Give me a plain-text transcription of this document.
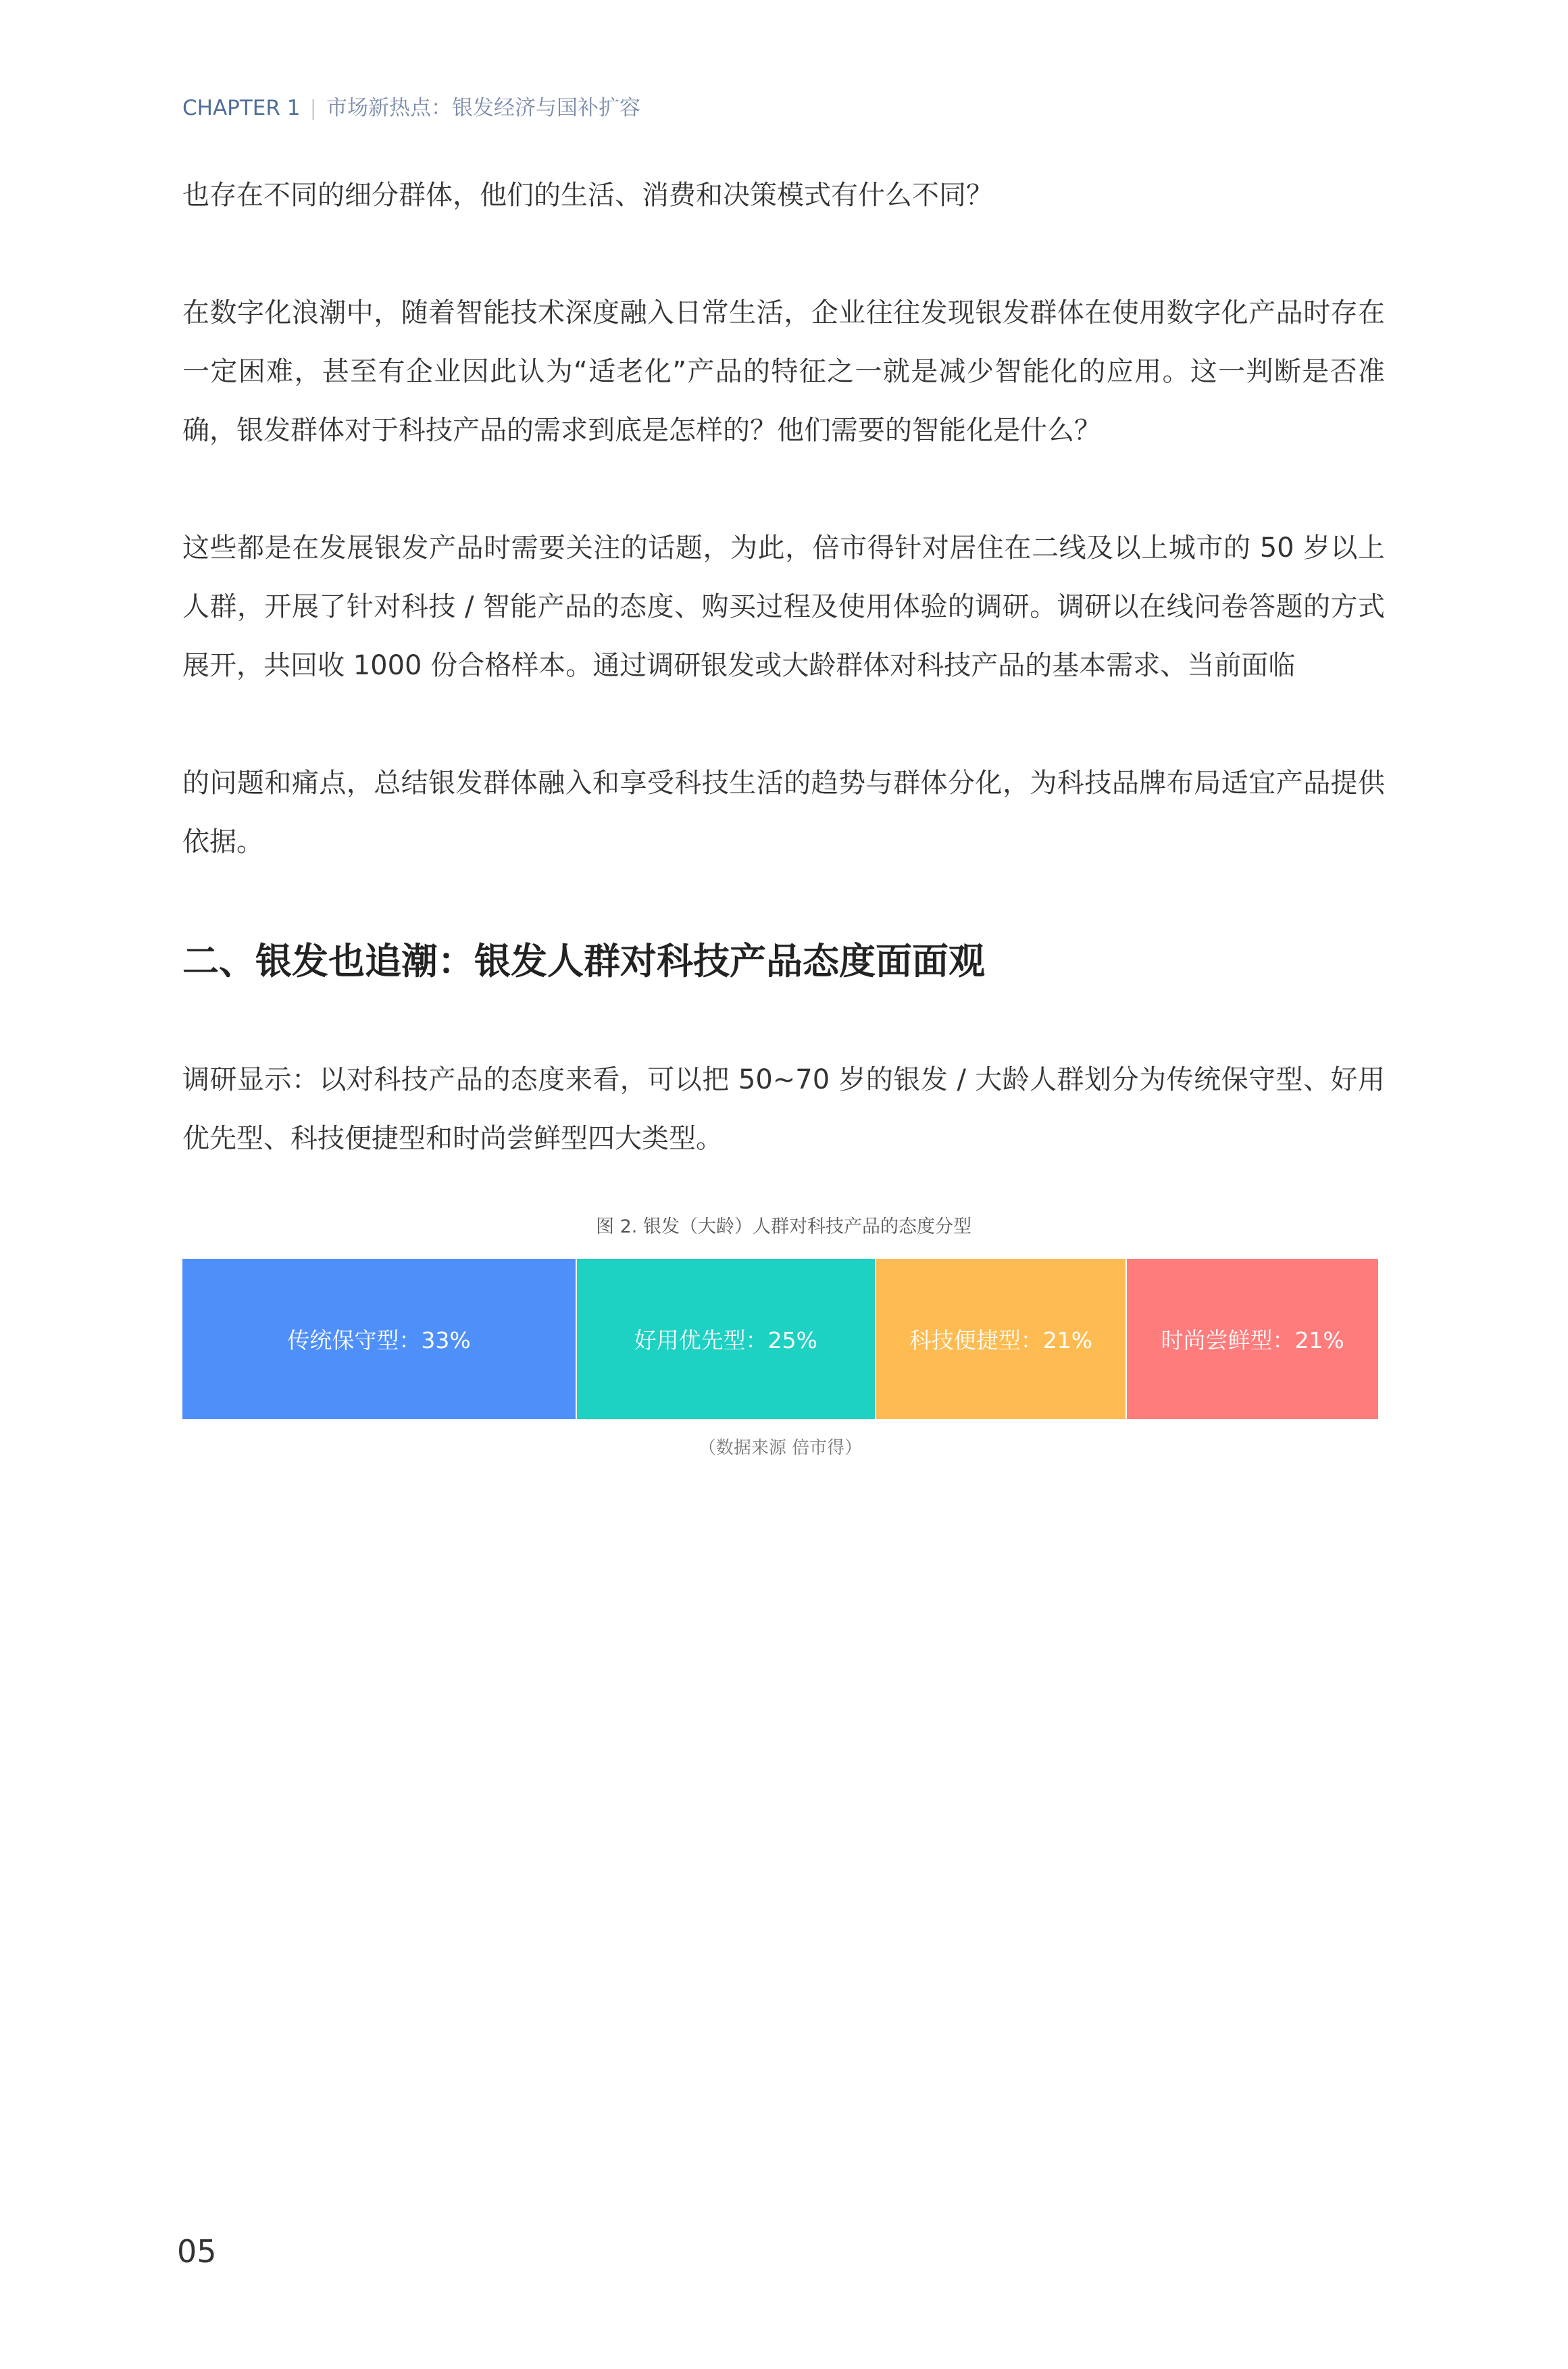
CHAPTER 1 | 市场新热点：银发经济与国补扩容

也存在不同的细分群体，他们的生活、消费和决策模式有什么不同？

在数字化浪潮中，随着智能技术深度融入日常生活，企业往往发现银发群体在使用数字化产品时存在一定困难，甚至有企业因此认为“适老化”产品的特征之一就是减少智能化的应用。这一判断是否准确，银发群体对于科技产品的需求到底是怎样的？他们需要的智能化是什么？

这些都是在发展银发产品时需要关注的话题，为此，倍市得针对居住在二线及以上城市的 50 岁以上人群，开展了针对科技 / 智能产品的态度、购买过程及使用体验的调研。调研以在线问卷答题的方式展开，共回收 1000 份合格样本。通过调研银发或大龄群体对科技产品的基本需求、当前面临

的问题和痛点，总结银发群体融入和享受科技生活的趋势与群体分化，为科技品牌布局适宜产品提供依据。

二、银发也追潮：银发人群对科技产品态度面面观

调研显示：以对科技产品的态度来看，可以把 50~70 岁的银发 / 大龄人群划分为传统保守型、好用优先型、科技便捷型和时尚尝鲜型四大类型。

图 2. 银发（大龄）人群对科技产品的态度分型
传统保守型：33%	好用优先型：25%	科技便捷型：21%	时尚尝鲜型：21%
（数据来源 倍市得）
05
